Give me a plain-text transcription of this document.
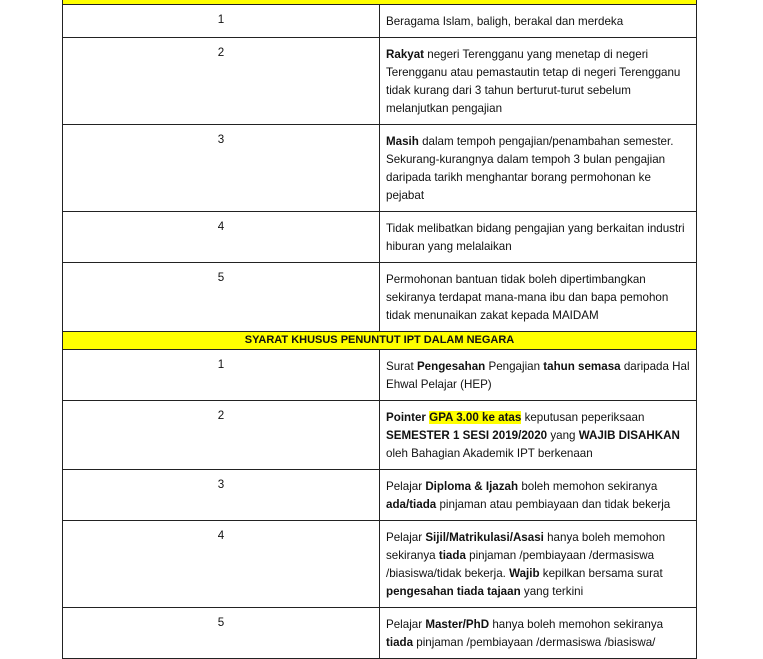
1	Beragama Islam, baligh, berakal dan merdeka
2	Rakyat negeri Terengganu yang menetap di negeri Terengganu atau pemastautin tetap di negeri Terengganu tidak kurang dari 3 tahun berturut-turut sebelum melanjutkan pengajian
3	Masih dalam tempoh pengajian/penambahan semester. Sekurang-kurangnya dalam tempoh 3 bulan pengajian daripada tarikh menghantar borang permohonan ke pejabat
4	Tidak melibatkan bidang pengajian yang berkaitan industri hiburan yang melalaikan
5	Permohonan bantuan tidak boleh dipertimbangkan sekiranya terdapat mana-mana ibu dan bapa pemohon tidak menunaikan zakat kepada MAIDAM
SYARAT KHUSUS PENUNTUT IPT DALAM NEGARA	
1	Surat Pengesahan Pengajian tahun semasa daripada Hal Ehwal Pelajar (HEP)
2	Pointer GPA 3.00 ke atas keputusan peperiksaan SEMESTER 1 SESI 2019/2020 yang WAJIB DISAHKAN oleh Bahagian Akademik IPT berkenaan
3	Pelajar Diploma & Ijazah boleh memohon sekiranya ada/tiada pinjaman atau pembiayaan dan tidak bekerja
4	Pelajar Sijil/Matrikulasi/Asasi hanya boleh memohon sekiranya tiada pinjaman /pembiayaan /dermasiswa /biasiswa/tidak bekerja. Wajib kepilkan bersama surat pengesahan tiada tajaan yang terkini
5	Pelajar Master/PhD hanya boleh memohon sekiranya tiada pinjaman /pembiayaan /dermasiswa /biasiswa/
